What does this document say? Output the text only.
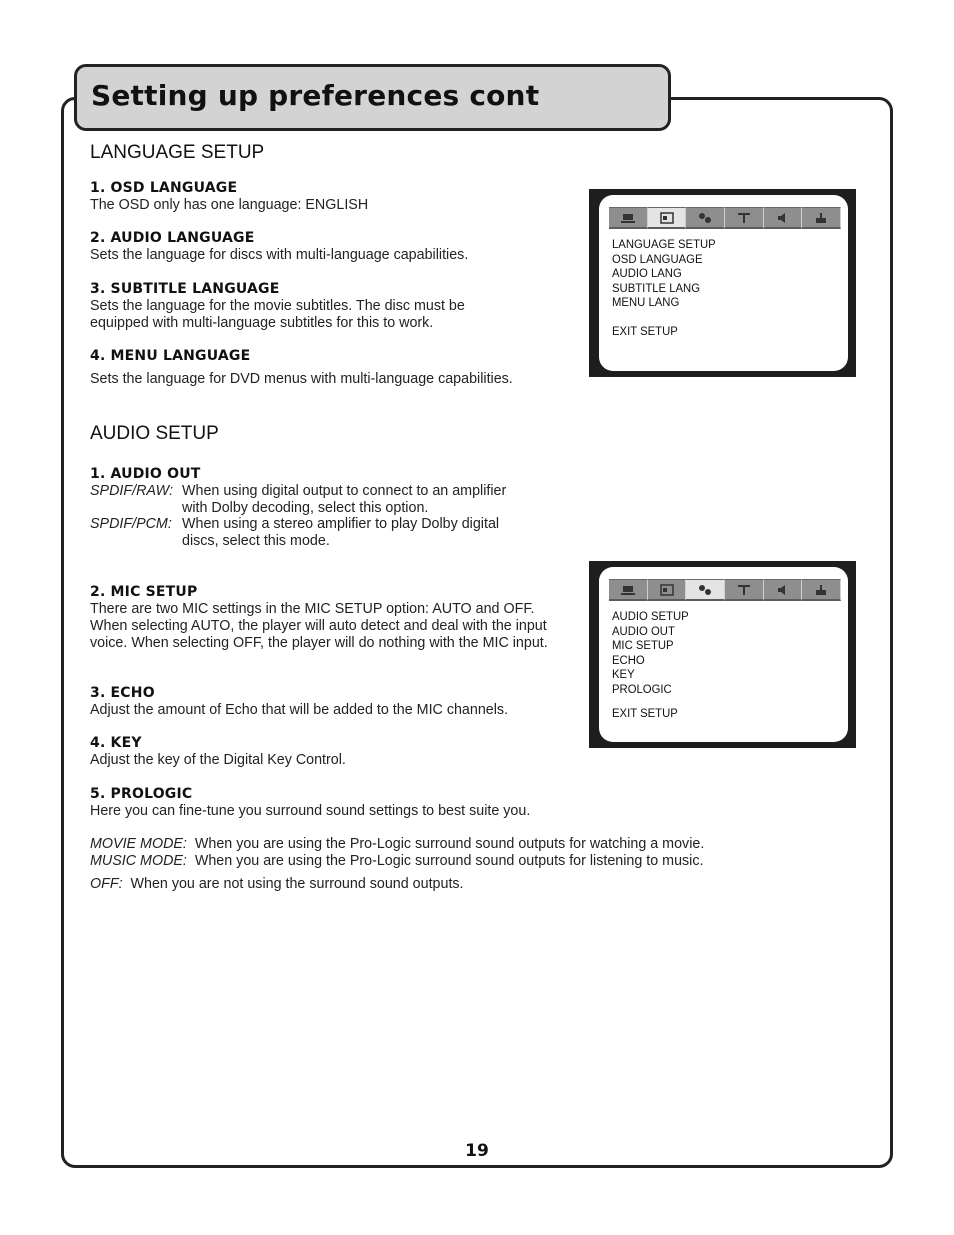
Setting up preferences cont
LANGUAGE SETUP
1. OSD LANGUAGE
The OSD only has one language: ENGLISH
2. AUDIO LANGUAGE
Sets the language for discs with multi-language capabilities.
3. SUBTITLE LANGUAGE
Sets the language for the movie subtitles. The disc must be equipped with multi-language subtitles for this to work.
4. MENU LANGUAGE
Sets the language for DVD menus with multi-language capabilities.
LANGUAGE SETUP
OSD LANGUAGE
AUDIO LANG
SUBTITLE LANG
MENU LANG
EXIT SETUP
AUDIO SETUP
1. AUDIO OUT
SPDIF/RAW: When using digital output to connect to an amplifier
with Dolby decoding, select this option.
SPDIF/PCM: When using a stereo amplifier to play Dolby digital
discs, select this mode.
2. MIC SETUP
There are two MIC settings in the MIC SETUP option: AUTO and OFF. When selecting AUTO, the player will auto detect and deal with the input voice. When selecting OFF, the player will do nothing with the MIC input.
3. ECHO
Adjust the amount of Echo that will be added to the MIC channels.
4. KEY
Adjust the key of the Digital Key Control.
5. PROLOGIC
Here you can fine-tune you surround sound settings to best suite you.
MOVIE MODE: When you are using the Pro-Logic surround sound outputs for watching a movie.
MUSIC MODE: When you are using the Pro-Logic surround sound outputs for listening to music.
OFF: When you are not using the surround sound outputs.
AUDIO SETUP
AUDIO OUT
MIC SETUP
ECHO
KEY
PROLOGIC
EXIT SETUP
19
